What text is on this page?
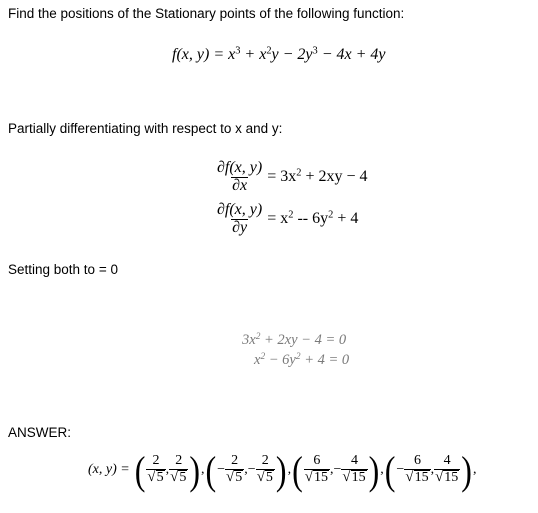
Find the positions of the Stationary points of the following function:
f(x, $y) = x^3 + x^2y - 2y^3 - 4x + 4y$
Partially differentiating with respect to x and y:
$\frac{\partial f(x, y)}{\partial x} = 3x^2 + 2xy - 4$
$\frac{\partial f(x, y)}{\partial y} = x^2 -- 6y^2 + 4$
Setting both to = 0
$3x^2 + 2xy - 4 = 0$
$x^2 - 6y^2 + 4 = 0$
ANSWER:
(x, y) = ( $\frac{2}{√ 5}$ , $\frac{2}{√ 5}$ ) , ( − $\frac{2}{√ 5}$ , − $\frac{2}{√ 5}$ ) , ( $\frac{6}{√ 15}$ , − $\frac{4}{√ 15}$ ) , ( − $\frac{6}{√ 15}$ , $\frac{4}{√ 15}$ ) ,
